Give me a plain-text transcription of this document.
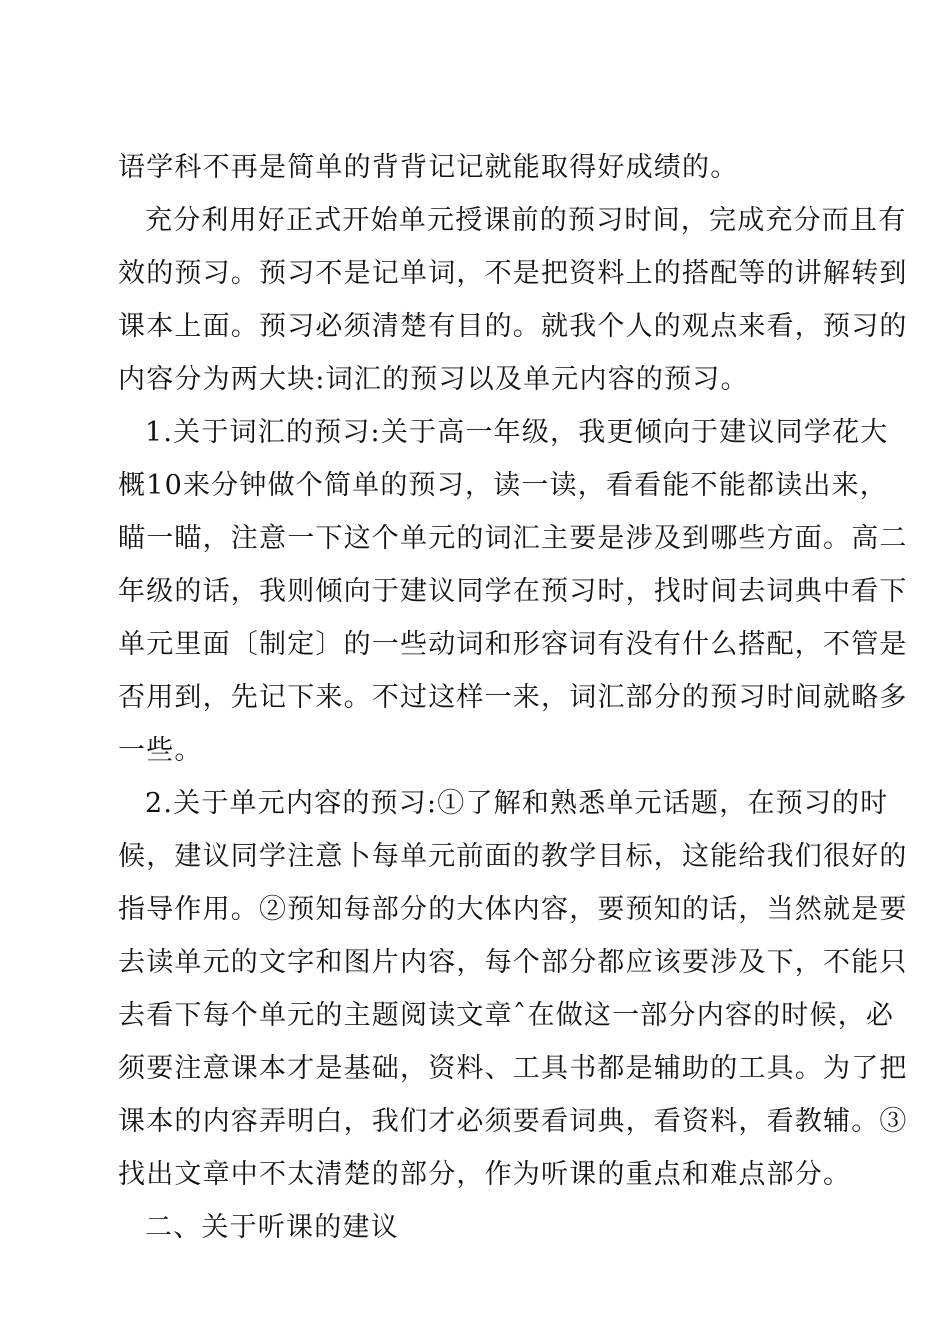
语学科不再是简单的背背记记就能取得好成绩的。
充分利用好正式开始单元授课前的预习时间，完成充分而且有
效的预习。预习不是记单词，不是把资料上的搭配等的讲解转到
课本上面。预习必须清楚有目的。就我个人的观点来看，预习的
内容分为两大块:词汇的预习以及单元内容的预习。
1.关于词汇的预习:关于高一年级，我更倾向于建议同学花大
概10来分钟做个简单的预习，读一读，看看能不能都读出来，
瞄一瞄，注意一下这个单元的词汇主要是涉及到哪些方面。高二
年级的话，我则倾向于建议同学在预习时，找时间去词典中看下
单元里面〔制定〕的一些动词和形容词有没有什么搭配，不管是
否用到，先记下来。不过这样一来，词汇部分的预习时间就略多
一些。
2.关于单元内容的预习:①了解和熟悉单元话题，在预习的时
候，建议同学注意卜每单元前面的教学目标，这能给我们很好的
指导作用。②预知每部分的大体内容，要预知的话，当然就是要
去读单元的文字和图片内容，每个部分都应该要涉及下，不能只
去看下每个单元的主题阅读文章ˆ在做这一部分内容的时候，必
须要注意课本才是基础，资料、工具书都是辅助的工具。为了把
课本的内容弄明白，我们才必须要看词典，看资料，看教辅。③
找出文章中不太清楚的部分，作为听课的重点和难点部分。
二、关于听课的建议
